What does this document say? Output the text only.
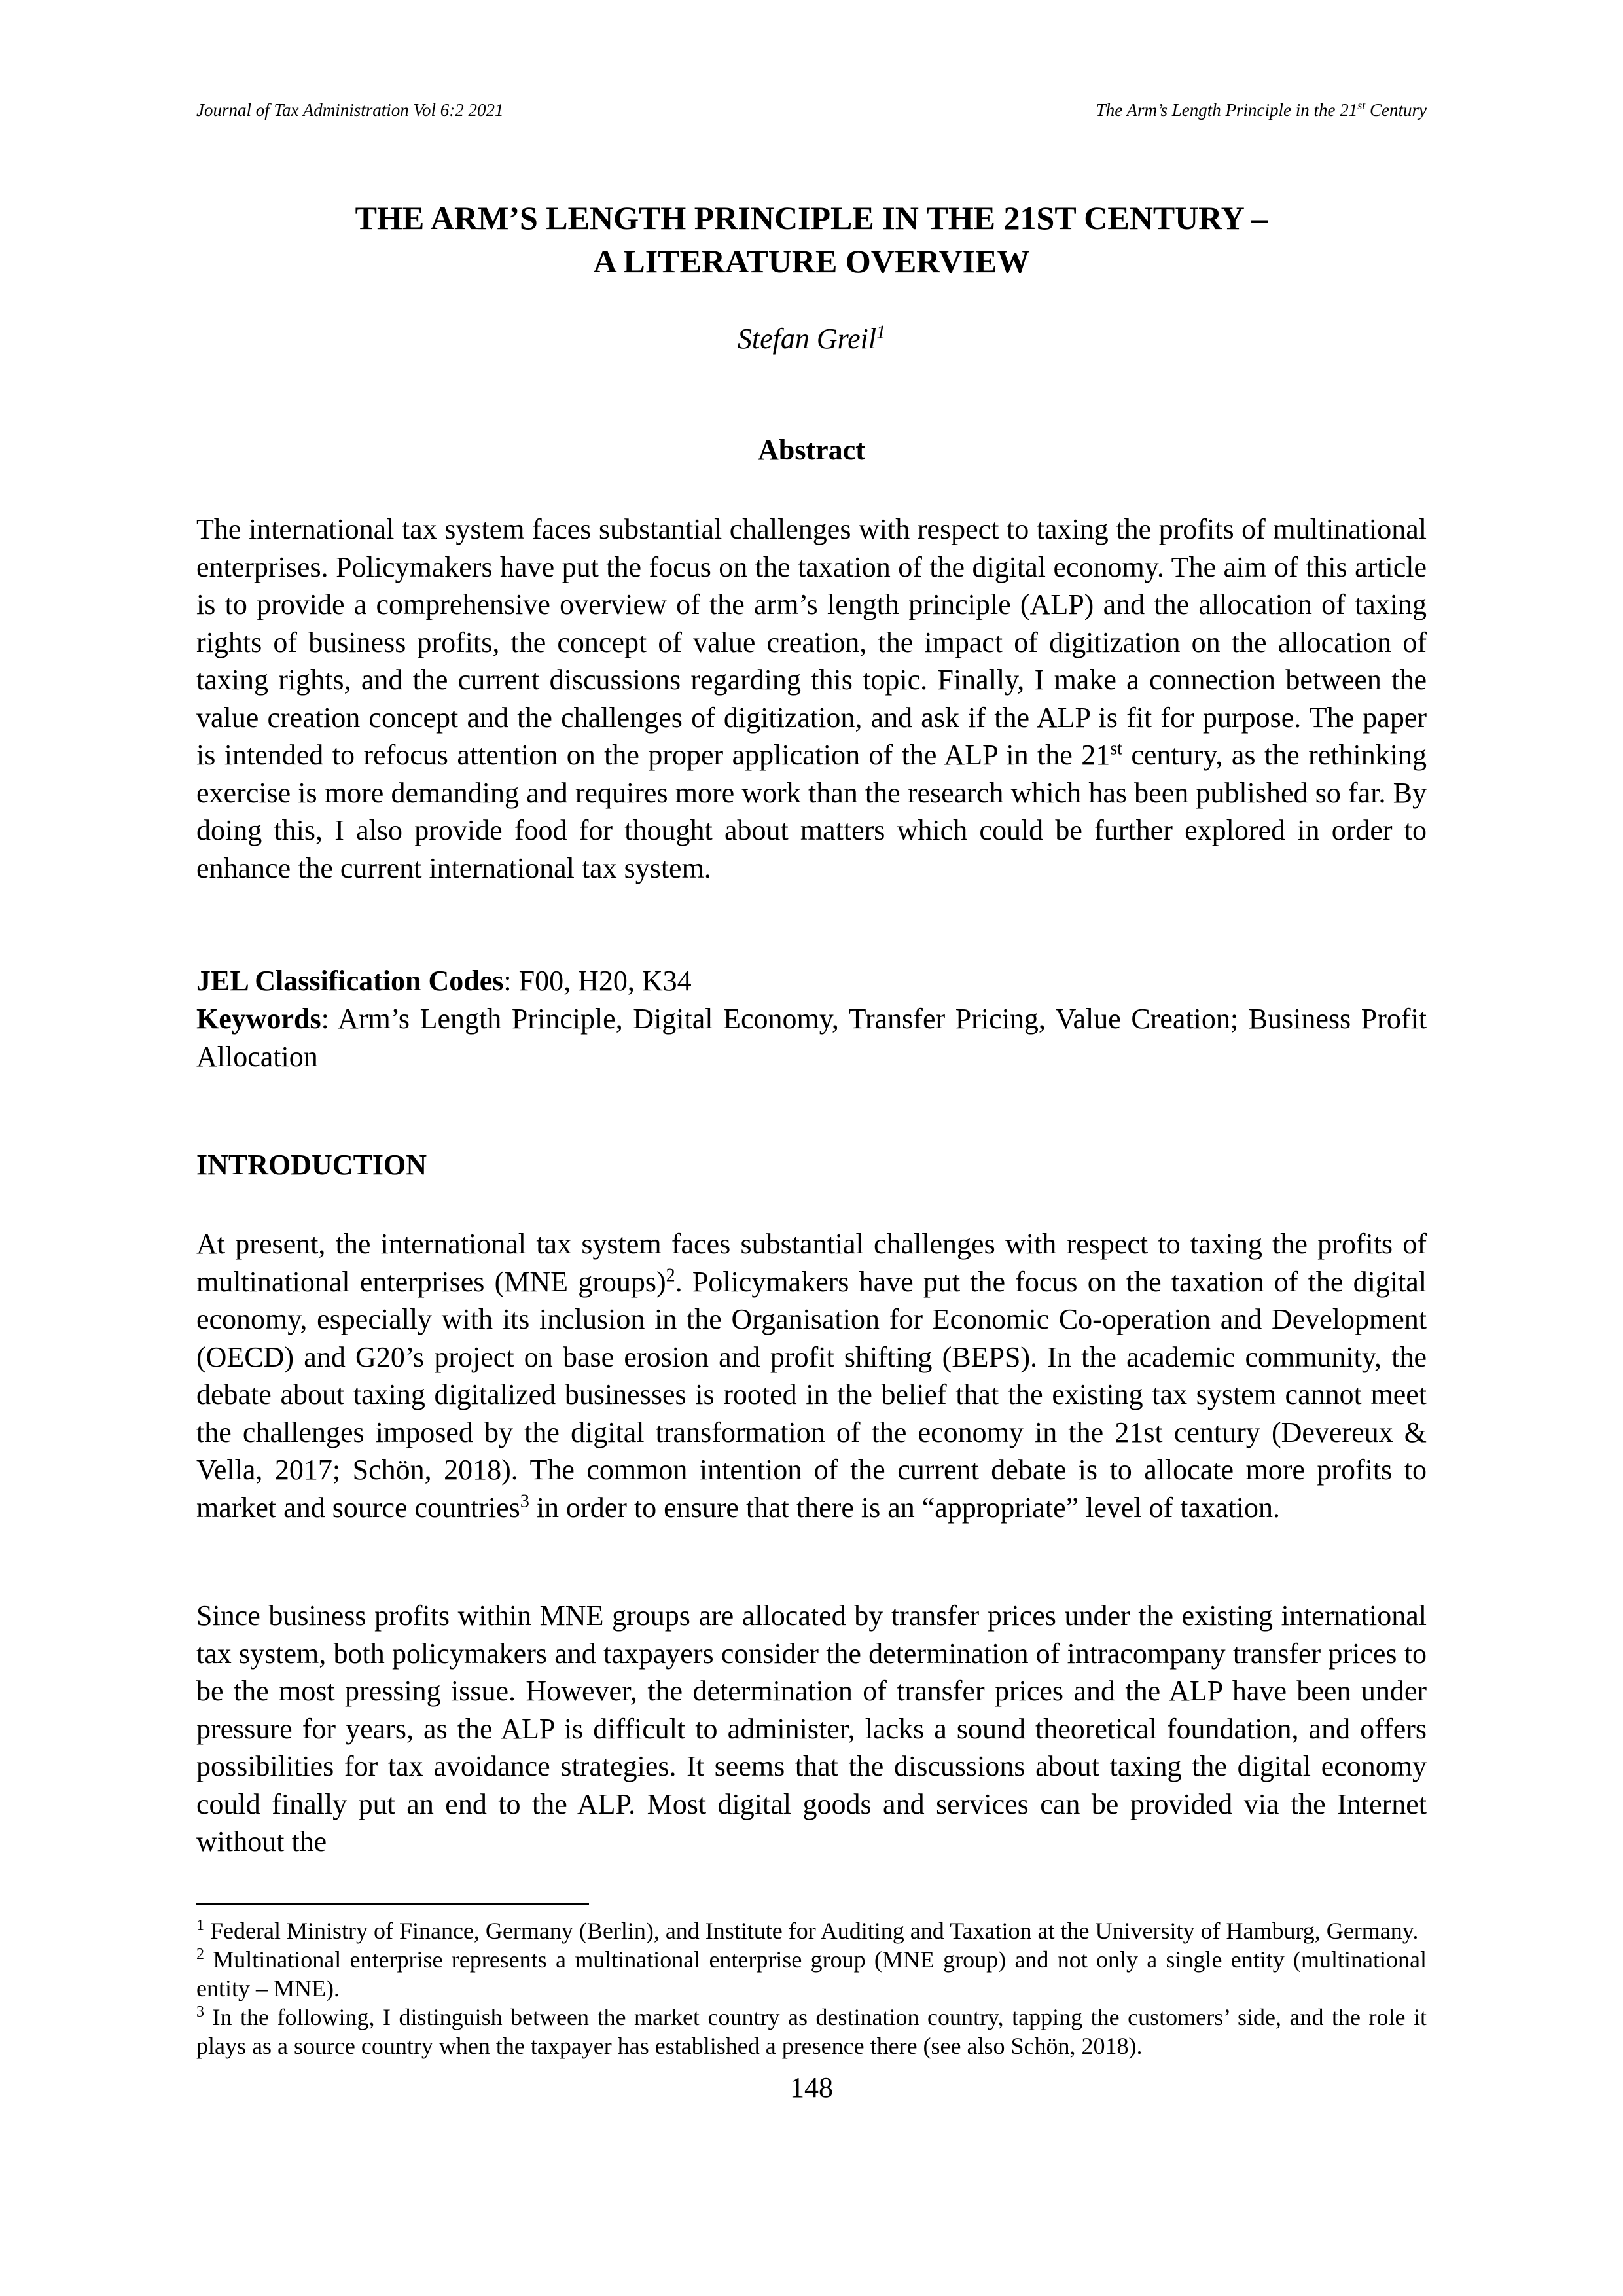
Journal of Tax Administration Vol 6:2 2021	The Arm’s Length Principle in the 21st Century
THE ARM’S LENGTH PRINCIPLE IN THE 21ST CENTURY –
A LITERATURE OVERVIEW
Stefan Greil$^1$
Abstract

The international tax system faces substantial challenges with respect to taxing the profits of multinational enterprises. Policymakers have put the focus on the taxation of the digital economy. The aim of this article is to provide a comprehensive overview of the arm’s length principle (ALP) and the allocation of taxing rights of business profits, the concept of value creation, the impact of digitization on the allocation of taxing rights, and the current discussions regarding this topic. Finally, I make a connection between the value creation concept and the challenges of digitization, and ask if the ALP is fit for purpose. The paper is intended to refocus attention on the proper application of the ALP in the 21st century, as the rethinking exercise is more demanding and requires more work than the research which has been published so far. By doing this, I also provide food for thought about matters which could be further explored in order to enhance the current international tax system.

JEL Classification Codes: F00, H20, K34

Keywords: Arm’s Length Principle, Digital Economy, Transfer Pricing, Value Creation; Business Profit Allocation

INTRODUCTION

At present, the international tax system faces substantial challenges with respect to taxing the profits of multinational enterprises (MNE groups)$^2$. Policymakers have put the focus on the taxation of the digital economy, especially with its inclusion in the Organisation for Economic Co-operation and Development (OECD) and G20’s project on base erosion and profit shifting (BEPS). In the academic community, the debate about taxing digitalized businesses is rooted in the belief that the existing tax system cannot meet the challenges imposed by the digital transformation of the economy in the 21st century (Devereux & Vella, 2017; Schön, 2018). The common intention of the current debate is to allocate more profits to market and source countries$^3$ in order to ensure that there is an “appropriate” level of taxation.

Since business profits within MNE groups are allocated by transfer prices under the existing international tax system, both policymakers and taxpayers consider the determination of intracompany transfer prices to be the most pressing issue. However, the determination of transfer prices and the ALP have been under pressure for years, as the ALP is difficult to administer, lacks a sound theoretical foundation, and offers possibilities for tax avoidance strategies. It seems that the discussions about taxing the digital economy could finally put an end to the ALP. Most digital goods and services can be provided via the Internet without the

$^1$ Federal Ministry of Finance, Germany (Berlin), and Institute for Auditing and Taxation at the University of Hamburg, Germany.

$^2$ Multinational enterprise represents a multinational enterprise group (MNE group) and not only a single entity (multinational entity – MNE).

$^3$ In the following, I distinguish between the market country as destination country, tapping the customers’ side, and the role it plays as a source country when the taxpayer has established a presence there (see also Schön, 2018).

148
